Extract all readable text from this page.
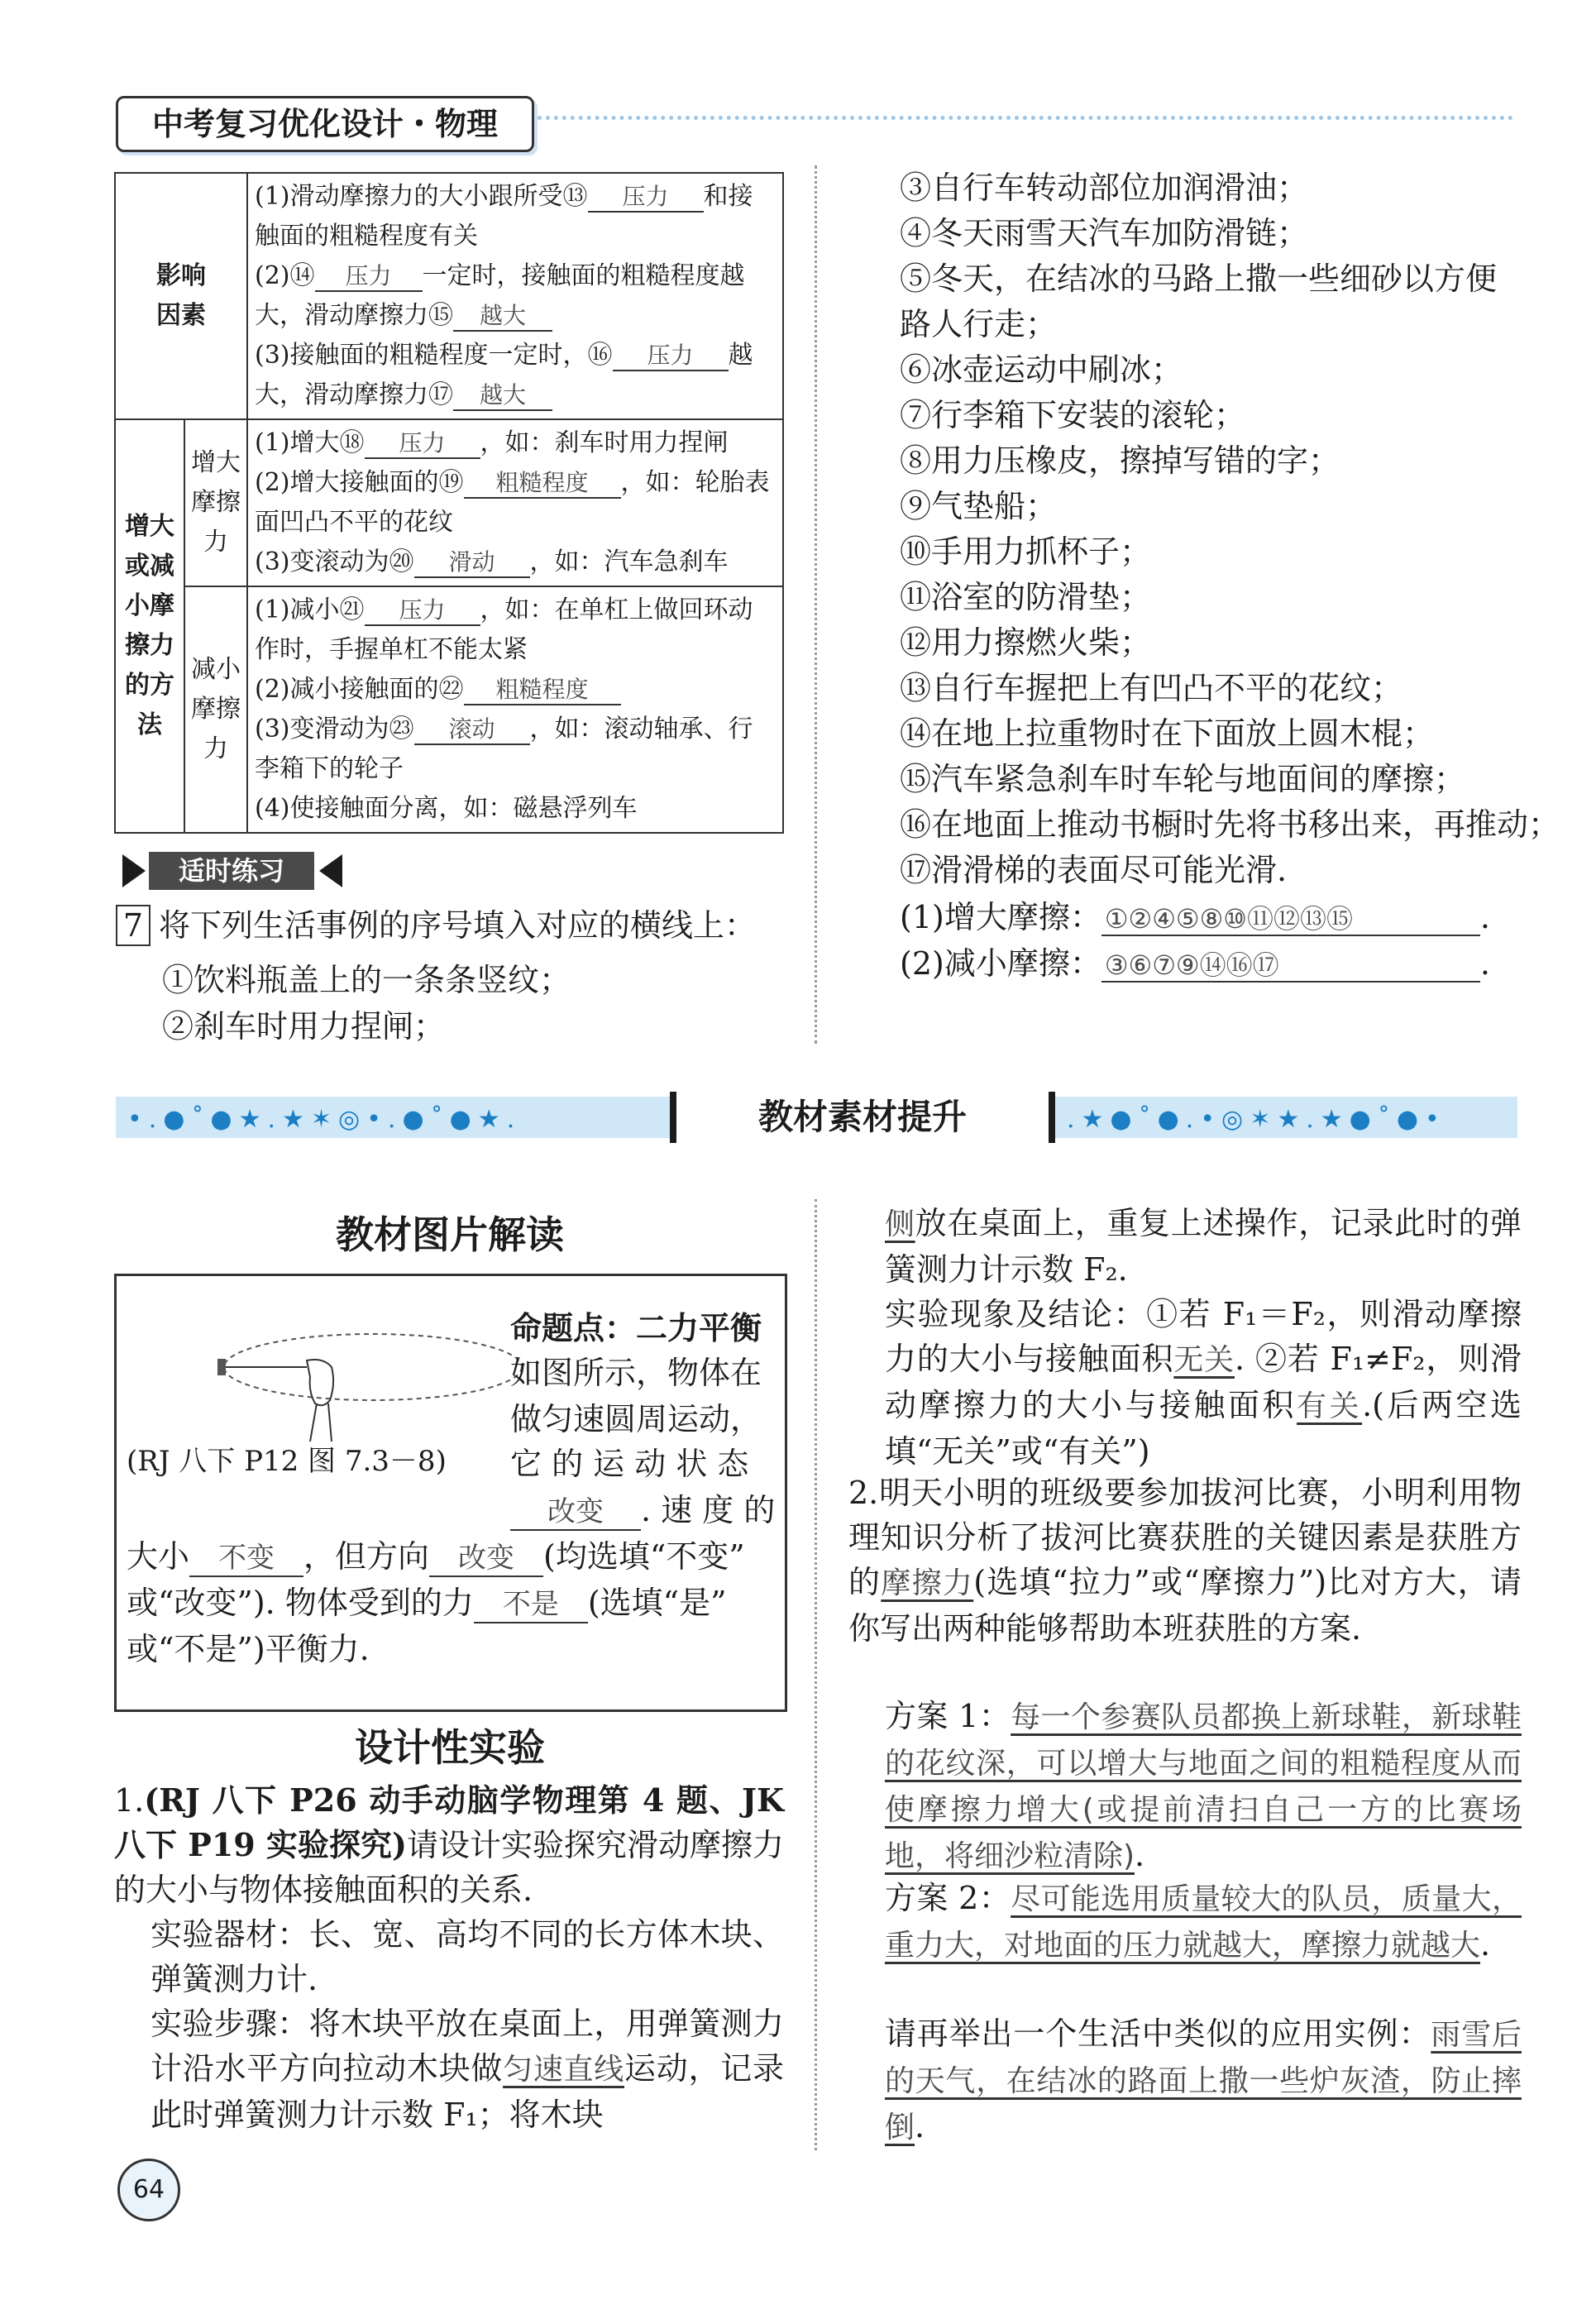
中考复习优化设计・物理
影响因素		(1)滑动摩擦力的大小跟所受⑬ 压力 和接触面的粗糙程度有关
(2)⑭ 压力 一定时，接触面的粗糙程度越大，滑动摩擦力⑮ 越大
(3)接触面的粗糙程度一定时，⑯ 压力 越大，滑动摩擦力⑰ 越大

增大或减小摩擦力的方法	增大摩擦力	(1)增大⑱ 压力 ，如：刹车时用力捏闸
(2)增大接触面的⑲ 粗糙程度 ，如：轮胎表面凹凸不平的花纹
(3)变滚动为⑳ 滑动 ，如：汽车急刹车

	减小摩擦力	(1)减小㉑ 压力 ，如：在单杠上做回环动作时，手握单杠不能太紧
(2)减小接触面的㉒ 粗糙程度
(3)变滑动为㉓ 滚动 ，如：滚动轴承、行李箱下的轮子
(4)使接触面分离，如：磁悬浮列车
适时练习
7 将下列生活事例的序号填入对应的横线上：
①饮料瓶盖上的一条条竖纹；
②刹车时用力捏闸；
③自行车转动部位加润滑油；
④冬天雨雪天汽车加防滑链；
⑤冬天，在结冰的马路上撒一些细砂以方便
路人行走；
⑥冰壶运动中刷冰；
⑦行李箱下安装的滚轮；
⑧用力压橡皮，擦掉写错的字；
⑨气垫船；
⑩手用力抓杯子；
⑪浴室的防滑垫；
⑫用力擦燃火柴；
⑬自行车握把上有凹凸不平的花纹；
⑭在地上拉重物时在下面放上圆木棍；
⑮汽车紧急刹车时车轮与地面间的摩擦；
⑯在地面上推动书橱时先将书移出来，再推动；
⑰滑滑梯的表面尽可能光滑.
(1)增大摩擦： ①②④⑤⑧⑩⑪⑫⑬⑮	.
(2)减小摩擦： ③⑥⑦⑨⑭⑯⑰	.
•.●˚●★.★✶◎•.●˚●★.	教材素材提升	.★●˚●.•◎✶★.★●˚●•
教材图片解读
命题点：二力平衡
如图所示，物体在
做匀速圆周运动，
(RJ 八下 P12 图 7.3－8) 它 的 运 动 状 态
改变 . 速 度 的
大小 不变 ，但方向 改变 (均选填“不变”
或“改变”). 物体受到的力 不是 (选填“是”
或“不是”)平衡力.
设计性实验
1.(RJ 八下 P26 动手动脑学物理第 4 题、JK 八下 P19 实验探究)请设计实验探究滑动摩擦力的大小与物体接触面积的关系.
实验器材：长、宽、高均不同的长方体木块、弹簧测力计.
实验步骤：将木块平放在桌面上，用弹簧测力计沿水平方向拉动木块做匀速直线运动，记录此时弹簧测力计示数 F₁；将木块
侧放在桌面上，重复上述操作，记录此时的弹簧测力计示数 F₂.
实验现象及结论：①若 F₁＝F₂，则滑动摩擦力的大小与接触面积无关. ②若 F₁≠F₂，则滑动摩擦力的大小与接触面积有关.(后两空选填“无关”或“有关”)
2.明天小明的班级要参加拔河比赛，小明利用物理知识分析了拔河比赛获胜的关键因素是获胜方的摩擦力(选填“拉力”或“摩擦力”)比对方大，请你写出两种能够帮助本班获胜的方案.
方案 1：每一个参赛队员都换上新球鞋，新球鞋的花纹深，可以增大与地面之间的粗糙程度从而使摩擦力增大(或提前清扫自己一方的比赛场地，将细沙粒清除).
方案 2：尽可能选用质量较大的队员，质量大，重力大，对地面的压力就越大，摩擦力就越大.
请再举出一个生活中类似的应用实例：雨雪后的天气，在结冰的路面上撒一些炉灰渣，防止摔倒.
64
